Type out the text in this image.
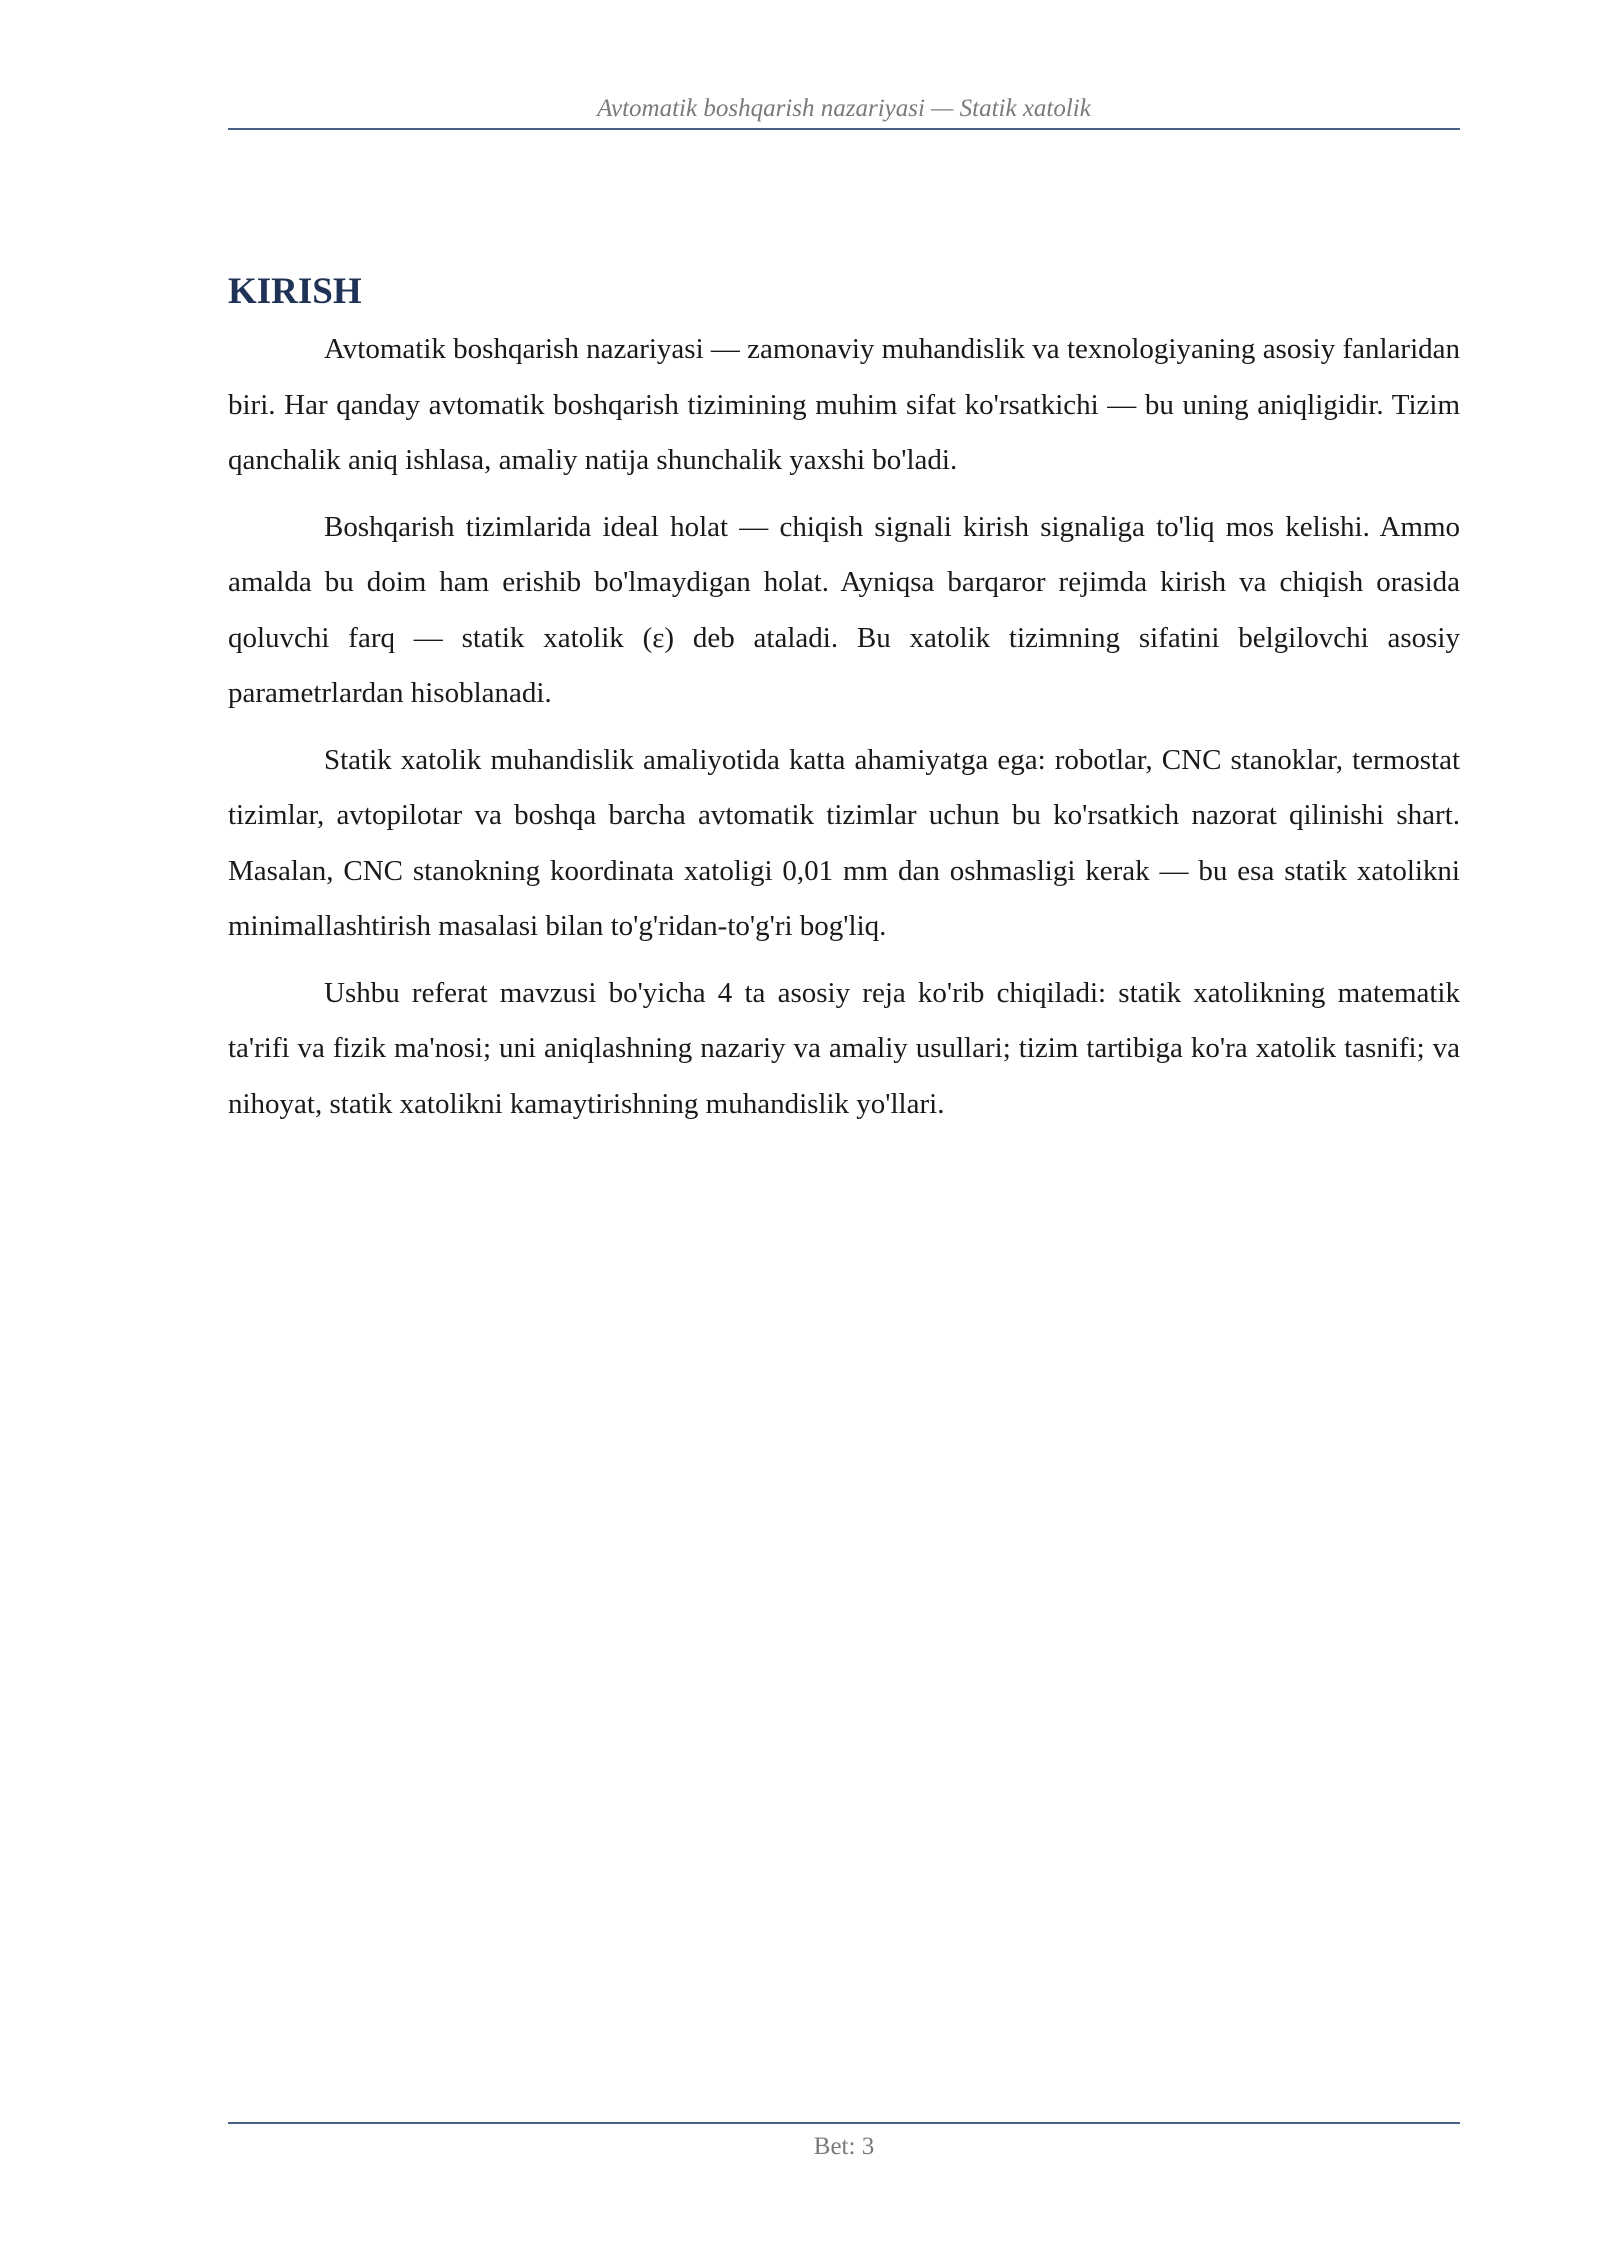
Avtomatik boshqarish nazariyasi — Statik xatolik
KIRISH

Avtomatik boshqarish nazariyasi — zamonaviy muhandislik va texnologiyaning asosiy fanlaridan biri. Har qanday avtomatik boshqarish tizimining muhim sifat ko'rsatkichi — bu uning aniqligidir. Tizim qanchalik aniq ishlasa, amaliy natija shunchalik yaxshi bo'ladi.

Boshqarish tizimlarida ideal holat — chiqish signali kirish signaliga to'liq mos kelishi. Ammo amalda bu doim ham erishib bo'lmaydigan holat. Ayniqsa barqaror rejimda kirish va chiqish orasida qoluvchi farq — statik xatolik (ε) deb ataladi. Bu xatolik tizimning sifatini belgilovchi asosiy parametrlardan hisoblanadi.

Statik xatolik muhandislik amaliyotida katta ahamiyatga ega: robotlar, CNC stanoklar, termostat tizimlar, avtopilotar va boshqa barcha avtomatik tizimlar uchun bu ko'rsatkich nazorat qilinishi shart. Masalan, CNC stanokning koordinata xatoligi 0,01 mm dan oshmasligi kerak — bu esa statik xatolikni minimallashtirish masalasi bilan to'g'ridan-to'g'ri bog'liq.

Ushbu referat mavzusi bo'yicha 4 ta asosiy reja ko'rib chiqiladi: statik xatolikning matematik ta'rifi va fizik ma'nosi; uni aniqlashning nazariy va amaliy usullari; tizim tartibiga ko'ra xatolik tasnifi; va nihoyat, statik xatolikni kamaytirishning muhandislik yo'llari.

Bet: 3
